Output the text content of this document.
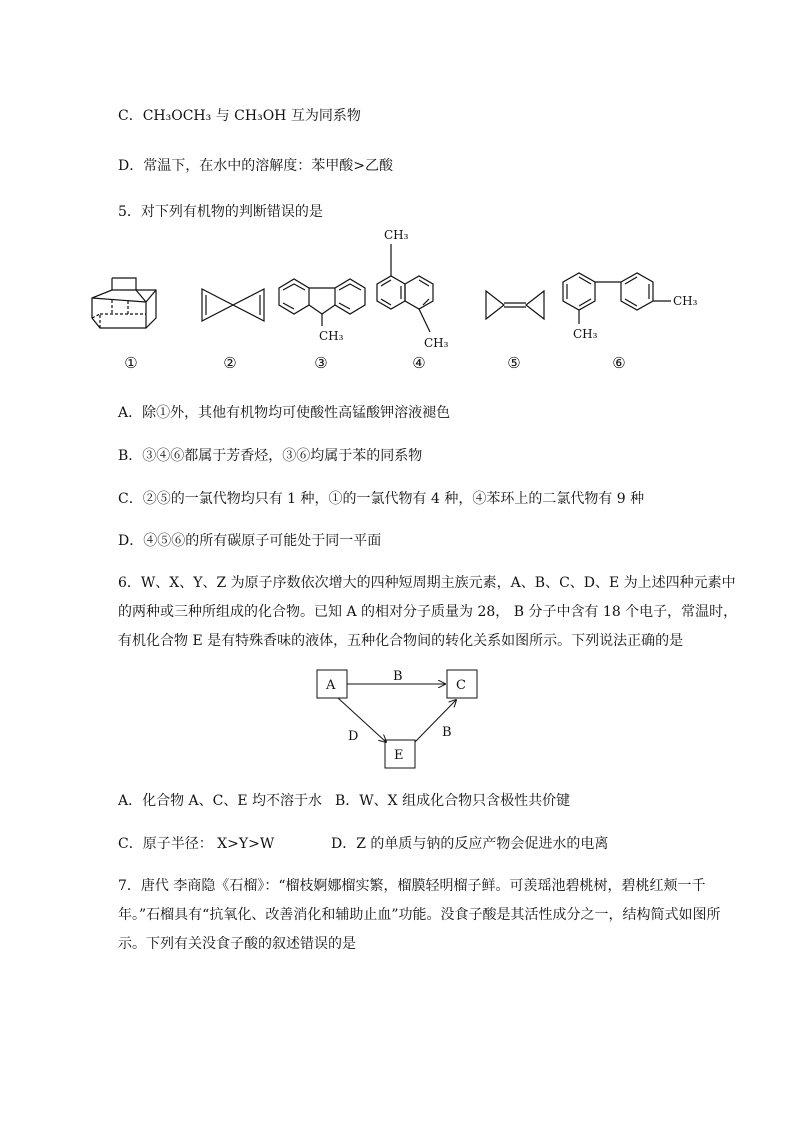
C．CH₃OCH₃ 与 CH₃OH 互为同系物
D．常温下，在水中的溶解度：苯甲酸>乙酸
5．对下列有机物的判断错误的是
CH₃
CH₃
CH₃
CH₃
CH₃
①	②	③	④	⑤	⑥
A．除①外，其他有机物均可使酸性高锰酸钾溶液褪色
B．③④⑥都属于芳香烃，③⑥均属于苯的同系物
C．②⑤的一氯代物均只有 1 种，①的一氯代物有 4 种，④苯环上的二氯代物有 9 种
D．④⑤⑥的所有碳原子可能处于同一平面
6．W、X、Y、Z 为原子序数依次增大的四种短周期主族元素，A、B、C、D、E 为上述四种元素中
的两种或三种所组成的化合物。已知 A 的相对分子质量为 28， B 分子中含有 18 个电子，常温时，
有机化合物 E 是有特殊香味的液体，五种化合物间的转化关系如图所示。下列说法正确的是
A
B
C
D
E
B
A．化合物 A、C、E 均不溶于水 B．W、X 组成化合物只含极性共价键
C．原子半径： X>Y>W	D．Z 的单质与钠的反应产物会促进水的电离
7．唐代 李商隐《石榴》：“榴枝婀娜榴实繁，榴膜轻明榴子鲜。可羡瑶池碧桃树，碧桃红颊一千
年。”石榴具有“抗氧化、改善消化和辅助止血”功能。没食子酸是其活性成分之一，结构简式如图所
示。下列有关没食子酸的叙述错误的是
